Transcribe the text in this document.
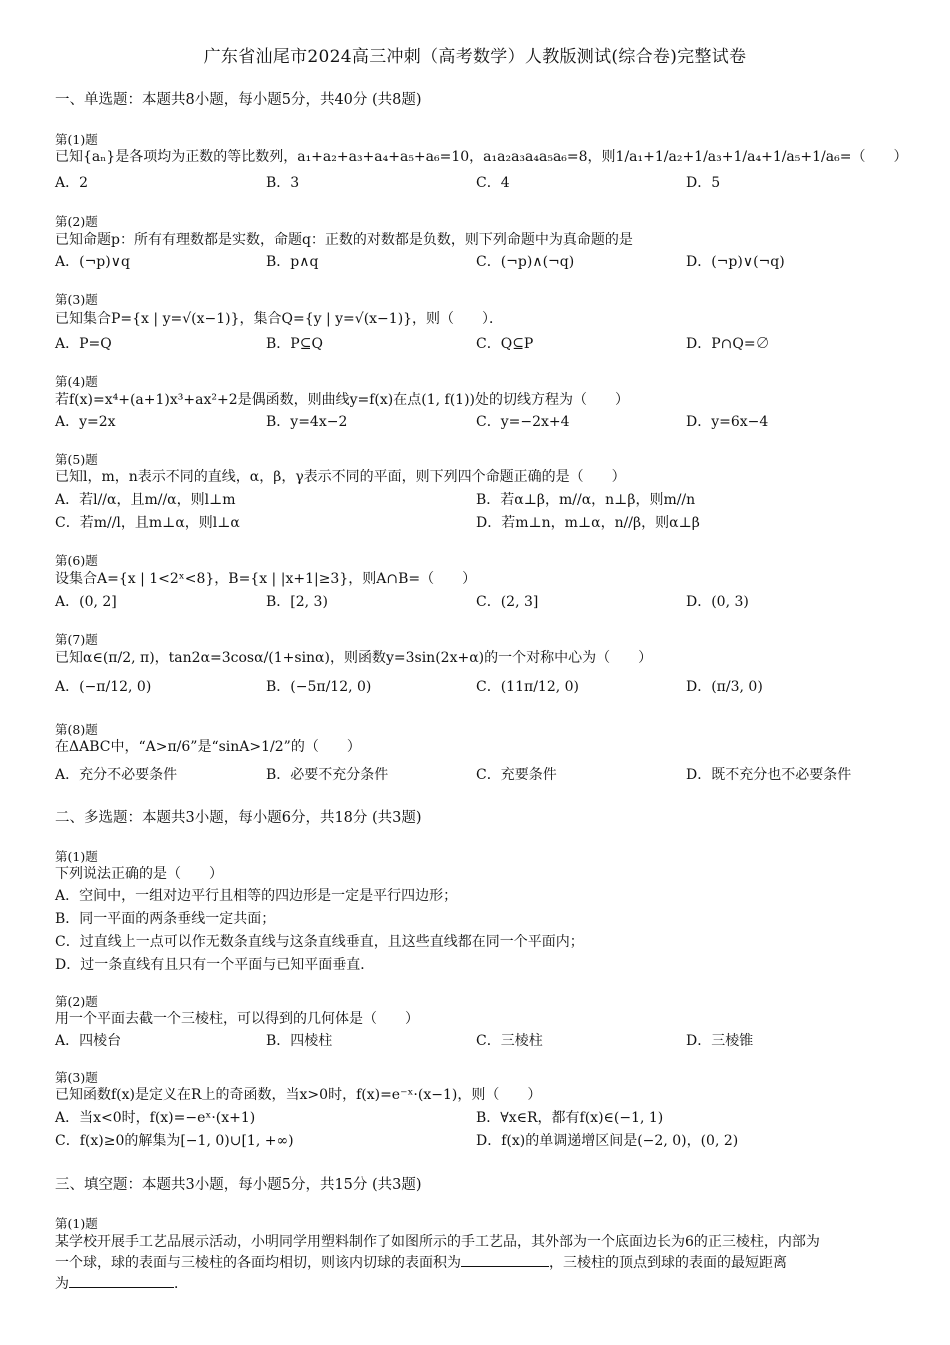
广东省汕尾市2024高三冲刺（高考数学）人教版测试(综合卷)完整试卷
一、单选题：本题共8小题，每小题5分，共40分 (共8题)
第(1)题
已知{aₙ}是各项均为正数的等比数列，a₁+a₂+a₃+a₄+a₅+a₆=10，a₁a₂a₃a₄a₅a₆=8，则1/a₁+1/a₂+1/a₃+1/a₄+1/a₅+1/a₆=（　　）
A．2	B．3	C．4	D．5
第(2)题
已知命题p：所有有理数都是实数，命题q：正数的对数都是负数，则下列命题中为真命题的是
A．(¬p)∨q	B．p∧q	C．(¬p)∧(¬q)	D．(¬p)∨(¬q)
第(3)题
已知集合P={x | y=√(x−1)}，集合Q={y | y=√(x−1)}，则（　　）．
A．P=Q	B．P⊆Q	C．Q⊆P	D．P∩Q=∅
第(4)题
若f(x)=x⁴+(a+1)x³+ax²+2是偶函数，则曲线y=f(x)在点(1, f(1))处的切线方程为（　　）
A．y=2x	B．y=4x−2	C．y=−2x+4	D．y=6x−4
第(5)题
已知l，m，n表示不同的直线，α，β，γ表示不同的平面，则下列四个命题正确的是（　　）
A．若l//α，且m//α，则l⊥m	B．若α⊥β，m//α，n⊥β，则m//n
C．若m//l，且m⊥α，则l⊥α	D．若m⊥n，m⊥α，n//β，则α⊥β
第(6)题
设集合A={x | 1<2ˣ<8}，B={x | |x+1|≥3}，则A∩B=（　　）
A．(0, 2]	B．[2, 3)	C．(2, 3]	D．(0, 3)
第(7)题
已知α∈(π/2, π)，tan2α=3cosα/(1+sinα)，则函数y=3sin(2x+α)的一个对称中心为（　　）
A．(−π/12, 0)	B．(−5π/12, 0)	C．(11π/12, 0)	D．(π/3, 0)
第(8)题
在ΔABC中，“A>π/6”是“sinA>1/2”的（　　）
A．充分不必要条件	B．必要不充分条件	C．充要条件	D．既不充分也不必要条件
二、多选题：本题共3小题，每小题6分，共18分 (共3题)
第(1)题
下列说法正确的是（　　）
A．空间中，一组对边平行且相等的四边形是一定是平行四边形；
B．同一平面的两条垂线一定共面；
C．过直线上一点可以作无数条直线与这条直线垂直，且这些直线都在同一个平面内；
D．过一条直线有且只有一个平面与已知平面垂直．
第(2)题
用一个平面去截一个三棱柱，可以得到的几何体是（　　）
A．四棱台	B．四棱柱	C．三棱柱	D．三棱锥
第(3)题
已知函数f(x)是定义在R上的奇函数，当x>0时，f(x)=e⁻ˣ·(x−1)，则（　　）
A．当x<0时，f(x)=−eˣ·(x+1)	B．∀x∈R，都有f(x)∈(−1, 1)
C．f(x)≥0的解集为[−1, 0)∪[1, +∞)	D．f(x)的单调递增区间是(−2, 0)，(0, 2)
三、填空题：本题共3小题，每小题5分，共15分 (共3题)
第(1)题
某学校开展手工艺品展示活动，小明同学用塑料制作了如图所示的手工艺品，其外部为一个底面边长为6的正三棱柱，内部为
一个球，球的表面与三棱柱的各面均相切，则该内切球的表面积为	，三棱柱的顶点到球的表面的最短距离
为	．
